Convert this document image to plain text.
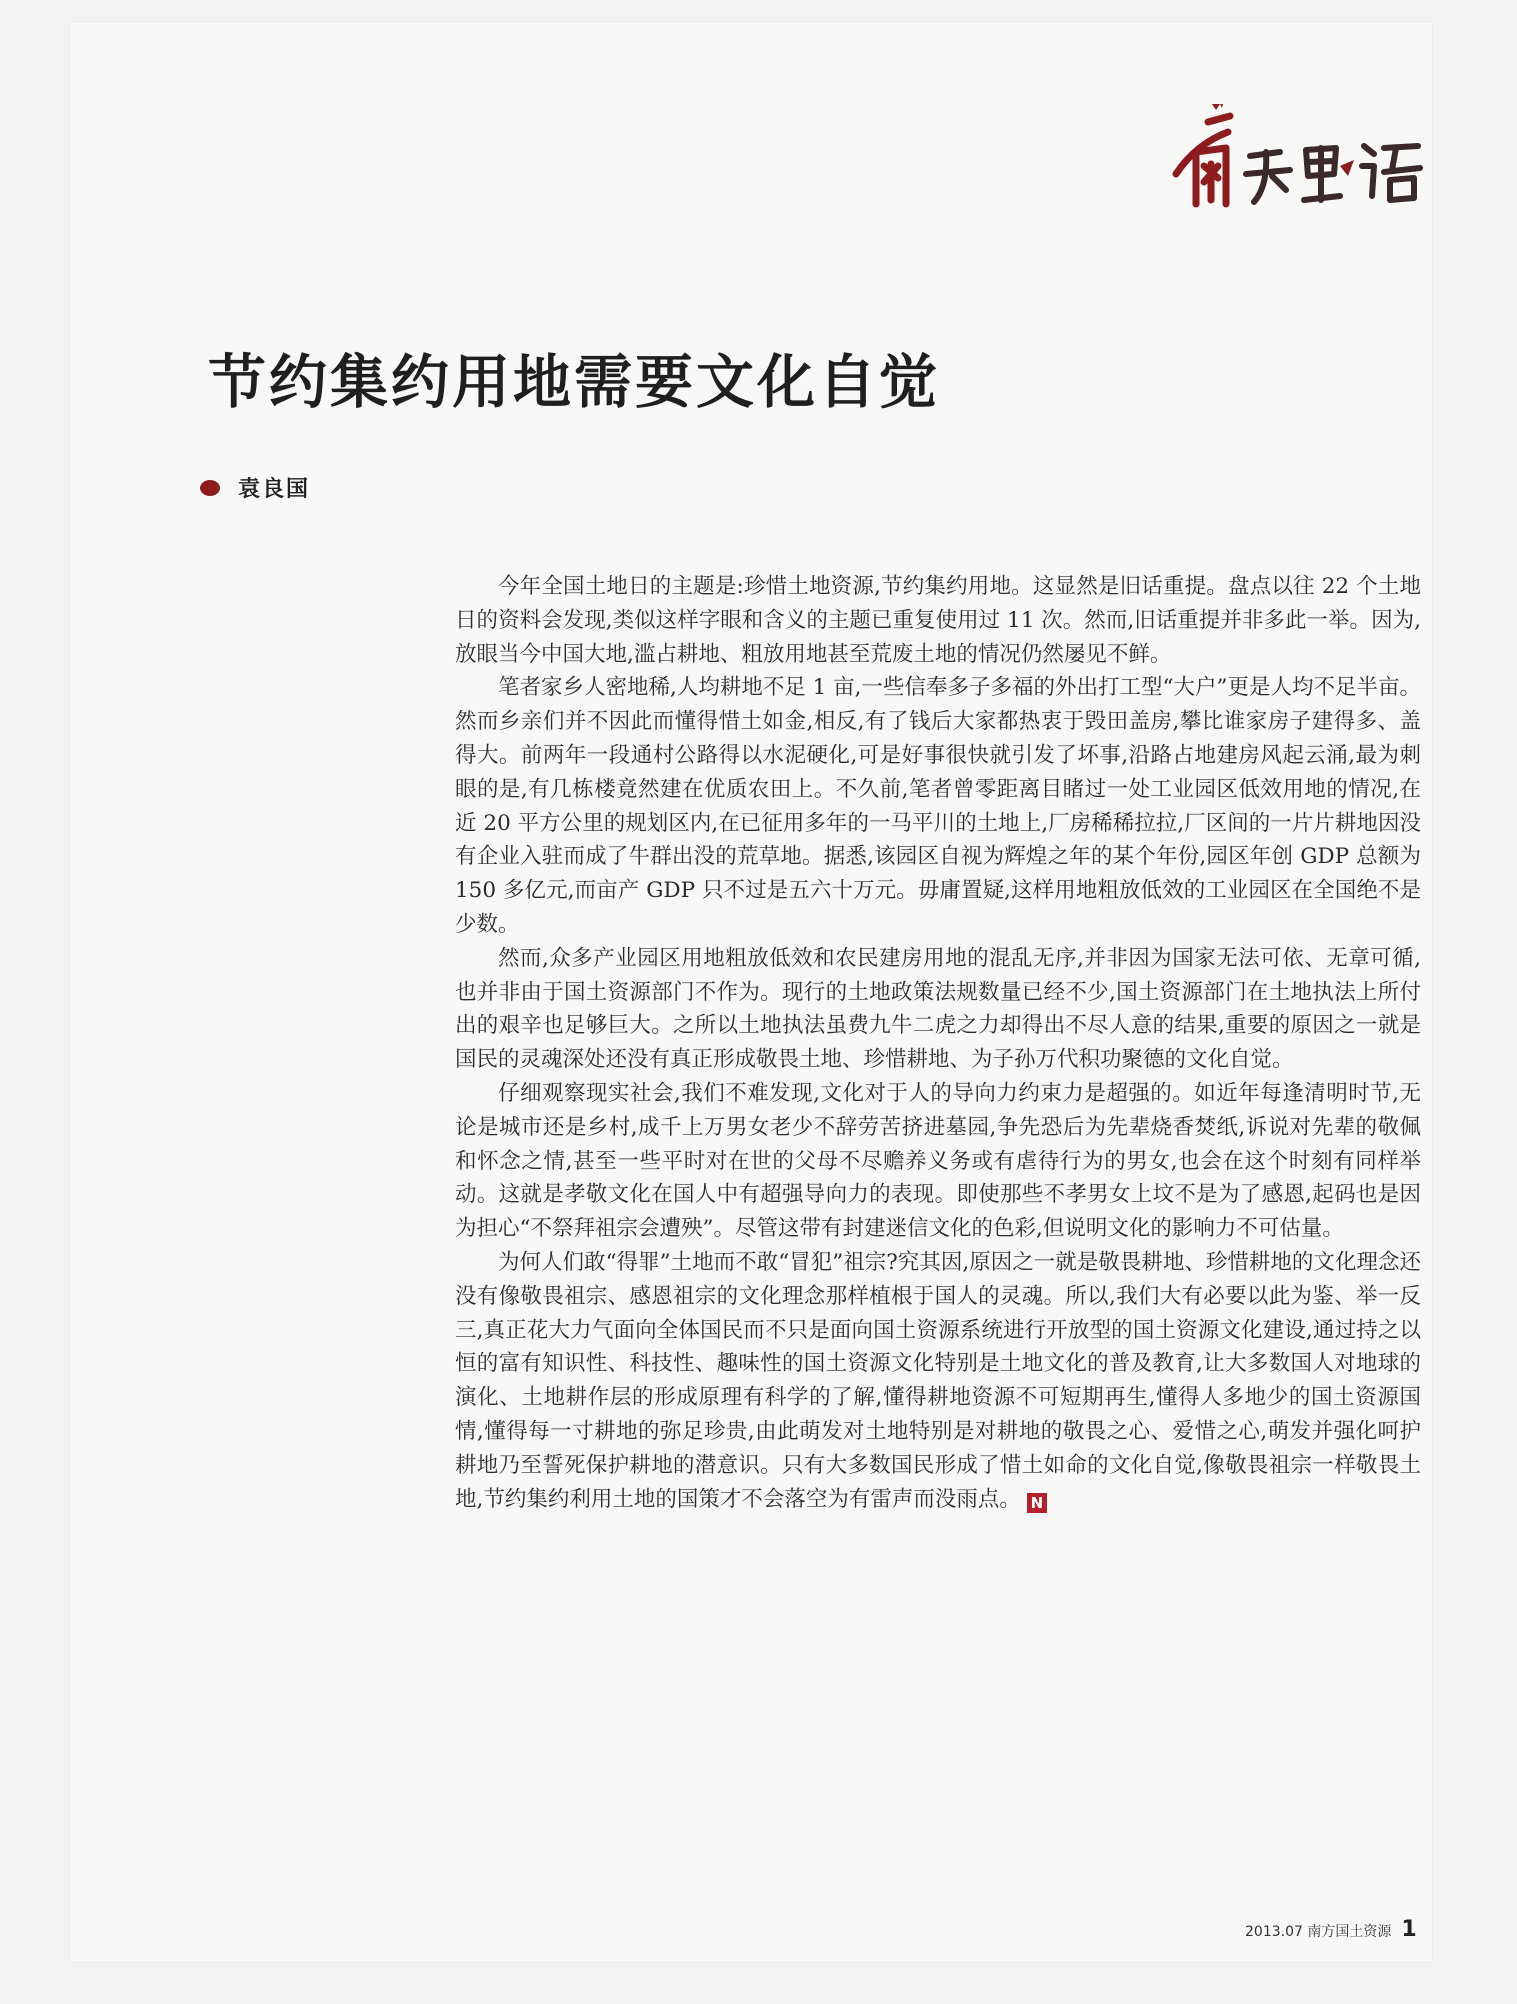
节约集约用地需要文化自觉
袁良国

今年全国土地日的主题是:珍惜土地资源,节约集约用地。这显然是旧话重提。盘点以往 22 个土地日的资料会发现,类似这样字眼和含义的主题已重复使用过 11 次。然而,旧话重提并非多此一举。因为,放眼当今中国大地,滥占耕地、粗放用地甚至荒废土地的情况仍然屡见不鲜。

笔者家乡人密地稀,人均耕地不足 1 亩,一些信奉多子多福的外出打工型“大户”更是人均不足半亩。然而乡亲们并不因此而懂得惜土如金,相反,有了钱后大家都热衷于毁田盖房,攀比谁家房子建得多、盖得大。前两年一段通村公路得以水泥硬化,可是好事很快就引发了坏事,沿路占地建房风起云涌,最为刺眼的是,有几栋楼竟然建在优质农田上。不久前,笔者曾零距离目睹过一处工业园区低效用地的情况,在近 20 平方公里的规划区内,在已征用多年的一马平川的土地上,厂房稀稀拉拉,厂区间的一片片耕地因没有企业入驻而成了牛群出没的荒草地。据悉,该园区自视为辉煌之年的某个年份,园区年创 GDP 总额为 150 多亿元,而亩产 GDP 只不过是五六十万元。毋庸置疑,这样用地粗放低效的工业园区在全国绝不是少数。

然而,众多产业园区用地粗放低效和农民建房用地的混乱无序,并非因为国家无法可依、无章可循,也并非由于国土资源部门不作为。现行的土地政策法规数量已经不少,国土资源部门在土地执法上所付出的艰辛也足够巨大。之所以土地执法虽费九牛二虎之力却得出不尽人意的结果,重要的原因之一就是国民的灵魂深处还没有真正形成敬畏土地、珍惜耕地、为子孙万代积功聚德的文化自觉。

仔细观察现实社会,我们不难发现,文化对于人的导向力约束力是超强的。如近年每逢清明时节,无论是城市还是乡村,成千上万男女老少不辞劳苦挤进墓园,争先恐后为先辈烧香焚纸,诉说对先辈的敬佩和怀念之情,甚至一些平时对在世的父母不尽赡养义务或有虐待行为的男女,也会在这个时刻有同样举动。这就是孝敬文化在国人中有超强导向力的表现。即使那些不孝男女上坟不是为了感恩,起码也是因为担心“不祭拜祖宗会遭殃”。尽管这带有封建迷信文化的色彩,但说明文化的影响力不可估量。

为何人们敢“得罪”土地而不敢“冒犯”祖宗?究其因,原因之一就是敬畏耕地、珍惜耕地的文化理念还没有像敬畏祖宗、感恩祖宗的文化理念那样植根于国人的灵魂。所以,我们大有必要以此为鉴、举一反三,真正花大力气面向全体国民而不只是面向国土资源系统进行开放型的国土资源文化建设,通过持之以恒的富有知识性、科技性、趣味性的国土资源文化特别是土地文化的普及教育,让大多数国人对地球的演化、土地耕作层的形成原理有科学的了解,懂得耕地资源不可短期再生,懂得人多地少的国土资源国情,懂得每一寸耕地的弥足珍贵,由此萌发对土地特别是对耕地的敬畏之心、爱惜之心,萌发并强化呵护耕地乃至誓死保护耕地的潜意识。只有大多数国民形成了惜土如命的文化自觉,像敬畏祖宗一样敬畏土地,节约集约利用土地的国策才不会落空为有雷声而没雨点。 N

2013.07 南方国土资源 1
